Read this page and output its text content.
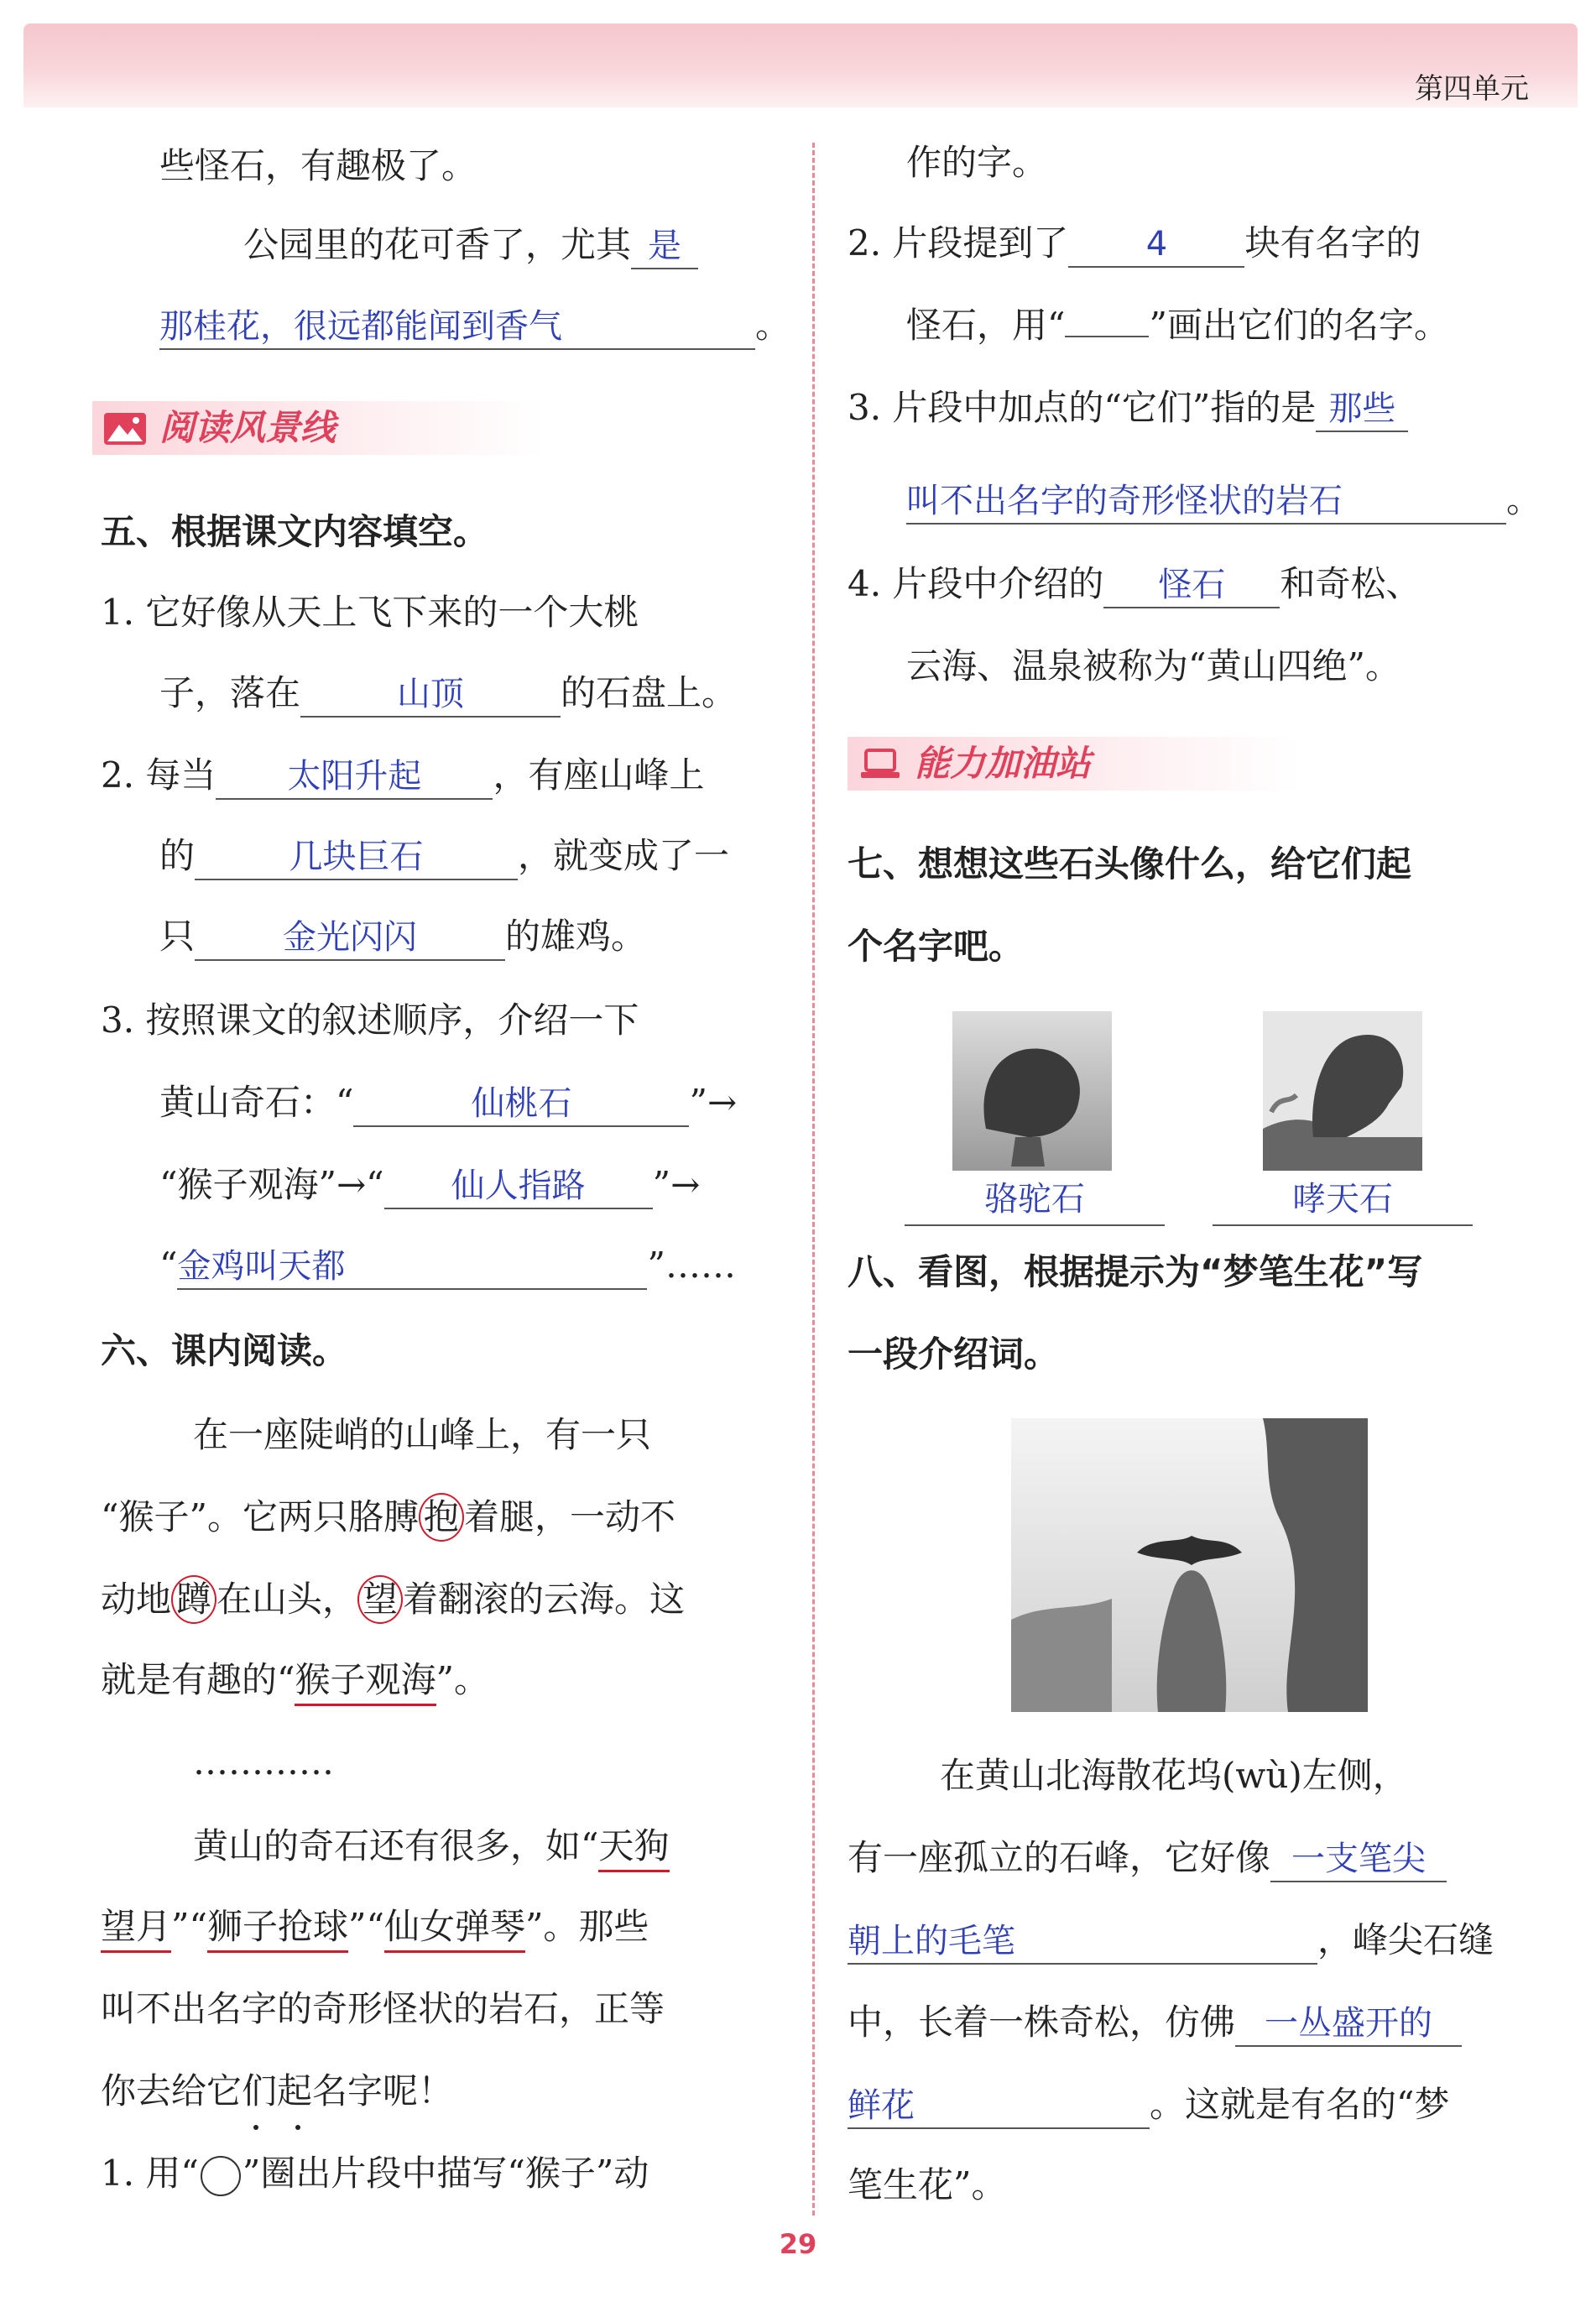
第四单元
些怪石，有趣极了。
公园里的花可香了，尤其 是
那桂花，很远都能闻到香气	。
阅读风景线
五、根据课文内容填空。
1. 它好像从天上飞下来的一个大桃
子，落在	山顶	的石盘上。
2. 每当 太阳升起 ，有座山峰上
的	几块巨石	，就变成了一
只	金光闪闪	的雄鸡。
3. 按照课文的叙述顺序，介绍一下
黄山奇石：“	仙桃石	”→
“猴子观海”→“ 仙人指路 ”→
“金鸡叫天都	”……
六、课内阅读。
在一座陡峭的山峰上，有一只
“猴子”。它两只胳膊 抱 着腿，一动不
动地 蹲 在山头， 望 着翻滚的云海。这
就是有趣的“猴子观海”。
…………
黄山的奇石还有很多，如“天狗
望月”“狮子抢球”“仙女弹琴”。那些
叫不出名字的奇形怪状的岩石，正等
你去给它们起名字呢！
1. 用“ ”圈出片段中描写“猴子”动
作的字。
2. 片段提到了 4 块有名字的
怪石，用“ ”画出它们的名字。
3. 片段中加点的“它们”指的是 那些
叫不出名字的奇形怪状的岩石	。
4. 片段中介绍的 怪石 和奇松、
云海、温泉被称为“黄山四绝”。
能力加油站
七、想想这些石头像什么，给它们起
个名字吧。
骆驼石	哮天石
八、看图，根据提示为“梦笔生花”写
一段介绍词。
在黄山北海散花坞(wù)左侧，
有一座孤立的石峰，它好像 一支笔尖
朝上的毛笔	，峰尖石缝
中，长着一株奇松，仿佛 一丛盛开的
鲜花	。这就是有名的“梦
笔生花”。
29
